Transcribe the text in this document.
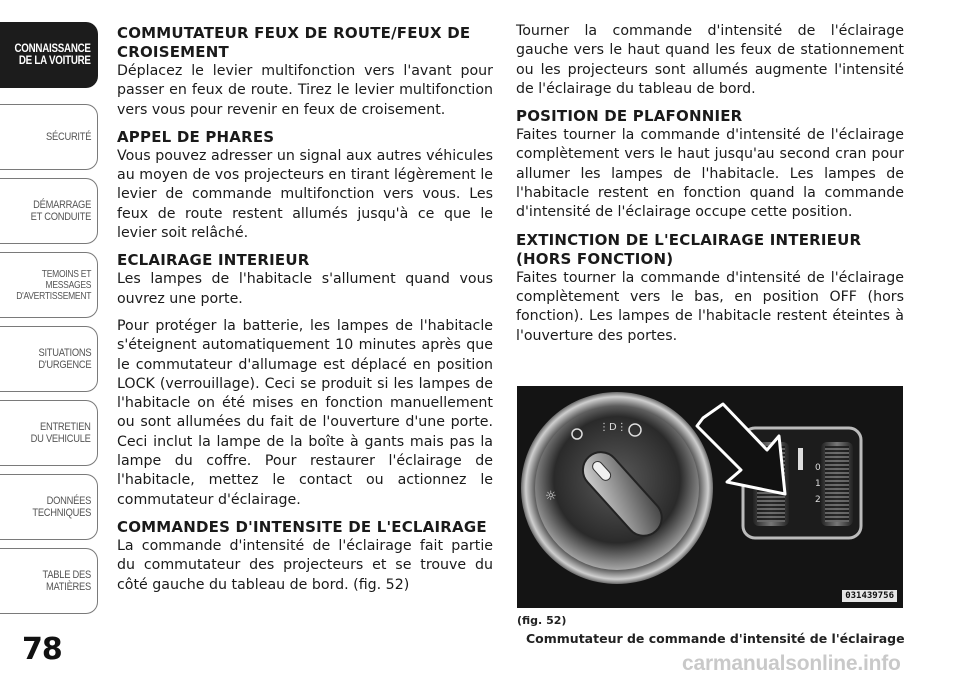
CONNAISSANCE
DE LA VOITURE
SÉCURITÉ
DÉMARRAGE
ET CONDUITE
TEMOINS ET
MESSAGES
D'AVERTISSEMENT
SITUATIONS
D'URGENCE
ENTRETIEN
DU VEHICULE
DONNÉES
TECHNIQUES
TABLE DES
MATIÈRES
78
COMMUTATEUR FEUX DE ROUTE/FEUX DE CROISEMENT
Déplacez le levier multifonction vers l'avant pour passer en feux de route. Tirez le levier multifonction vers vous pour revenir en feux de croisement.
APPEL DE PHARES
Vous pouvez adresser un signal aux autres véhicules au moyen de vos projecteurs en tirant légèrement le levier de commande multifonction vers vous. Les feux de route restent allumés jusqu'à ce que le levier soit relâché.
ECLAIRAGE INTERIEUR
Les lampes de l'habitacle s'allument quand vous ouvrez une porte.
Pour protéger la batterie, les lampes de l'habitacle s'éteignent automatiquement 10 minutes après que le commutateur d'allumage est déplacé en position LOCK (verrouillage). Ceci se produit si les lampes de l'habitacle on été mises en fonction manuellement ou sont allumées du fait de l'ouverture d'une porte. Ceci inclut la lampe de la boîte à gants mais pas la lampe du coffre. Pour restaurer l'éclairage de l'habitacle, mettez le contact ou actionnez le commutateur d'éclairage.
COMMANDES D'INTENSITE DE L'ECLAIRAGE
La commande d'intensité de l'éclairage fait partie du commutateur des projecteurs et se trouve du côté gauche du tableau de bord. (fig. 52)
Tourner la commande d'intensité de l'éclairage gauche vers le haut quand les feux de stationnement ou les projecteurs sont allumés augmente l'intensité de l'éclairage du tableau de bord.
POSITION DE PLAFONNIER
Faites tourner la commande d'intensité de l'éclairage complètement vers le haut jusqu'au second cran pour allumer les lampes de l'habitacle. Les lampes de l'habitacle restent en fonction quand la commande d'intensité de l'éclairage occupe cette position.
EXTINCTION DE L'ECLAIRAGE INTERIEUR (HORS FONCTION)
Faites tourner la commande d'intensité de l'éclairage complètement vers le bas, en position OFF (hors fonction). Les lampes de l'habitacle restent éteintes à l'ouverture des portes.
⋮D⋮
☼
0
1
2
031439756
(fig. 52)
Commutateur de commande d'intensité de l'éclairage
carmanualsonline.info
